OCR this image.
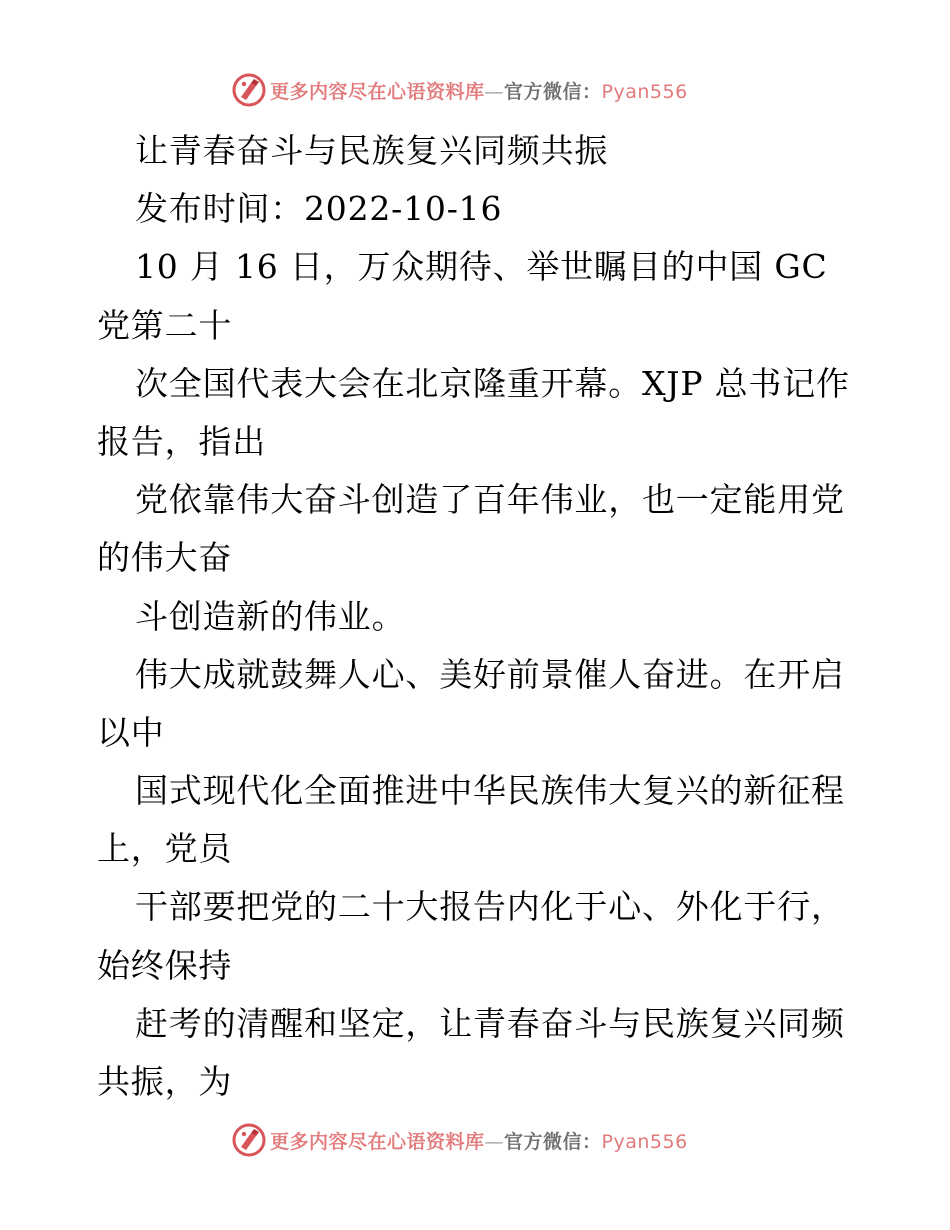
更多内容尽在心语资料库—官方微信：Pyan556
让青春奋斗与民族复兴同频共振
发布时间：2022-10-16
10 月 16 日，万众期待、举世瞩目的中国 GC
党第二十
次全国代表大会在北京隆重开幕。XJP 总书记作
报告，指出
党依靠伟大奋斗创造了百年伟业，也一定能用党
的伟大奋
斗创造新的伟业。
伟大成就鼓舞人心、美好前景催人奋进。在开启
以中
国式现代化全面推进中华民族伟大复兴的新征程
上，党员
干部要把党的二十大报告内化于心、外化于行，
始终保持
赶考的清醒和坚定，让青春奋斗与民族复兴同频
共振，为
更多内容尽在心语资料库—官方微信：Pyan556
